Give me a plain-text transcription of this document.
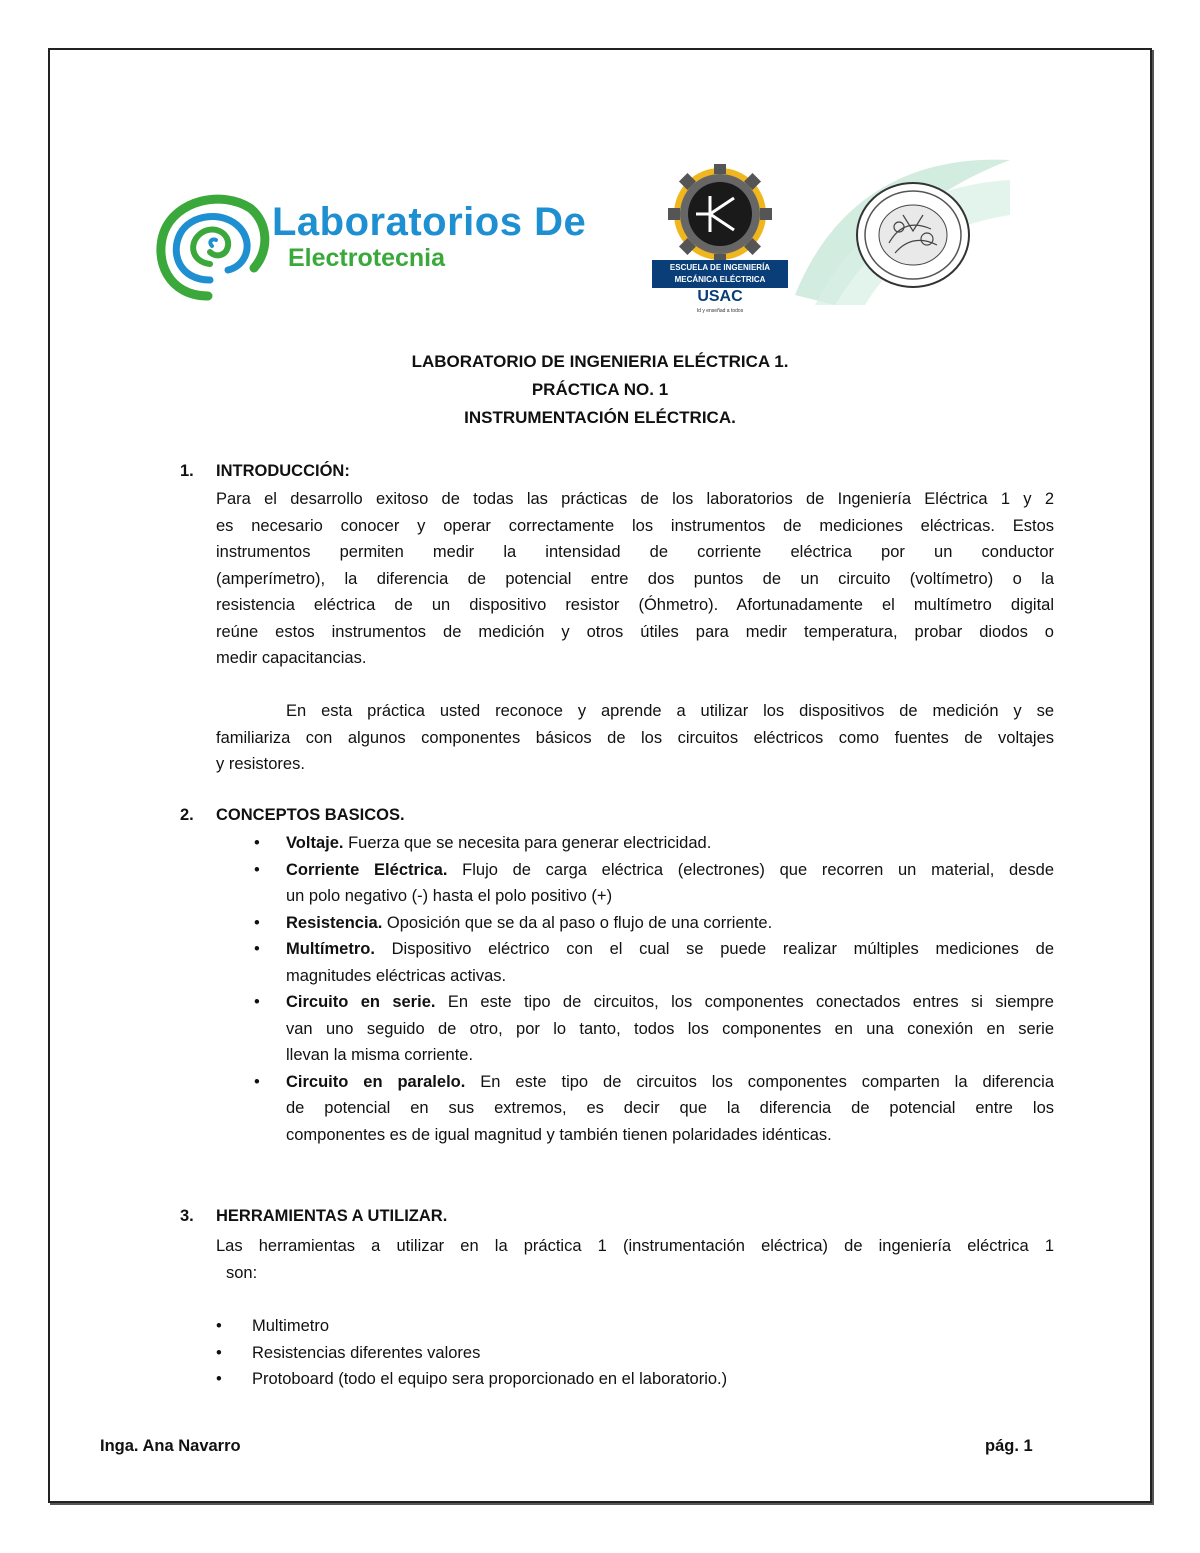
Laboratorios De
Electrotecnia	ESCUELA DE INGENIERÍA MECÁNICA ELÉCTRICA
USAC
Id y enseñad a todos
LABORATORIO DE INGENIERIA ELÉCTRICA 1.
PRÁCTICA NO. 1
INSTRUMENTACIÓN ELÉCTRICA.
1. INTRODUCCIÓN:
Para el desarrollo exitoso de todas las prácticas de los laboratorios de Ingeniería Eléctrica 1 y 2
es necesario conocer y operar correctamente los instrumentos de mediciones eléctricas. Estos
instrumentos permiten medir la intensidad de corriente eléctrica por un conductor
(amperímetro), la diferencia de potencial entre dos puntos de un circuito (voltímetro) o la
resistencia eléctrica de un dispositivo resistor (Óhmetro). Afortunadamente el multímetro digital
reúne estos instrumentos de medición y otros útiles para medir temperatura, probar diodos o
medir capacitancias.
En esta práctica usted reconoce y aprende a utilizar los dispositivos de medición y se
familiariza con algunos componentes básicos de los circuitos eléctricos como fuentes de voltajes
y resistores.
2. CONCEPTOS BASICOS.
• Voltaje. Fuerza que se necesita para generar electricidad.
• Corriente Eléctrica. Flujo de carga eléctrica (electrones) que recorren un material, desde
un polo negativo (-) hasta el polo positivo (+)
• Resistencia. Oposición que se da al paso o flujo de una corriente.
• Multímetro. Dispositivo eléctrico con el cual se puede realizar múltiples mediciones de
magnitudes eléctricas activas.
• Circuito en serie. En este tipo de circuitos, los componentes conectados entres si siempre
van uno seguido de otro, por lo tanto, todos los componentes en una conexión en serie
llevan la misma corriente.
• Circuito en paralelo. En este tipo de circuitos los componentes comparten la diferencia
de potencial en sus extremos, es decir que la diferencia de potencial entre los
componentes es de igual magnitud y también tienen polaridades idénticas.
3. HERRAMIENTAS A UTILIZAR.
Las herramientas a utilizar en la práctica 1 (instrumentación eléctrica) de ingeniería eléctrica 1
son:
• Multimetro
• Resistencias diferentes valores
• Protoboard (todo el equipo sera proporcionado en el laboratorio.)
Inga. Ana Navarro	pág. 1
